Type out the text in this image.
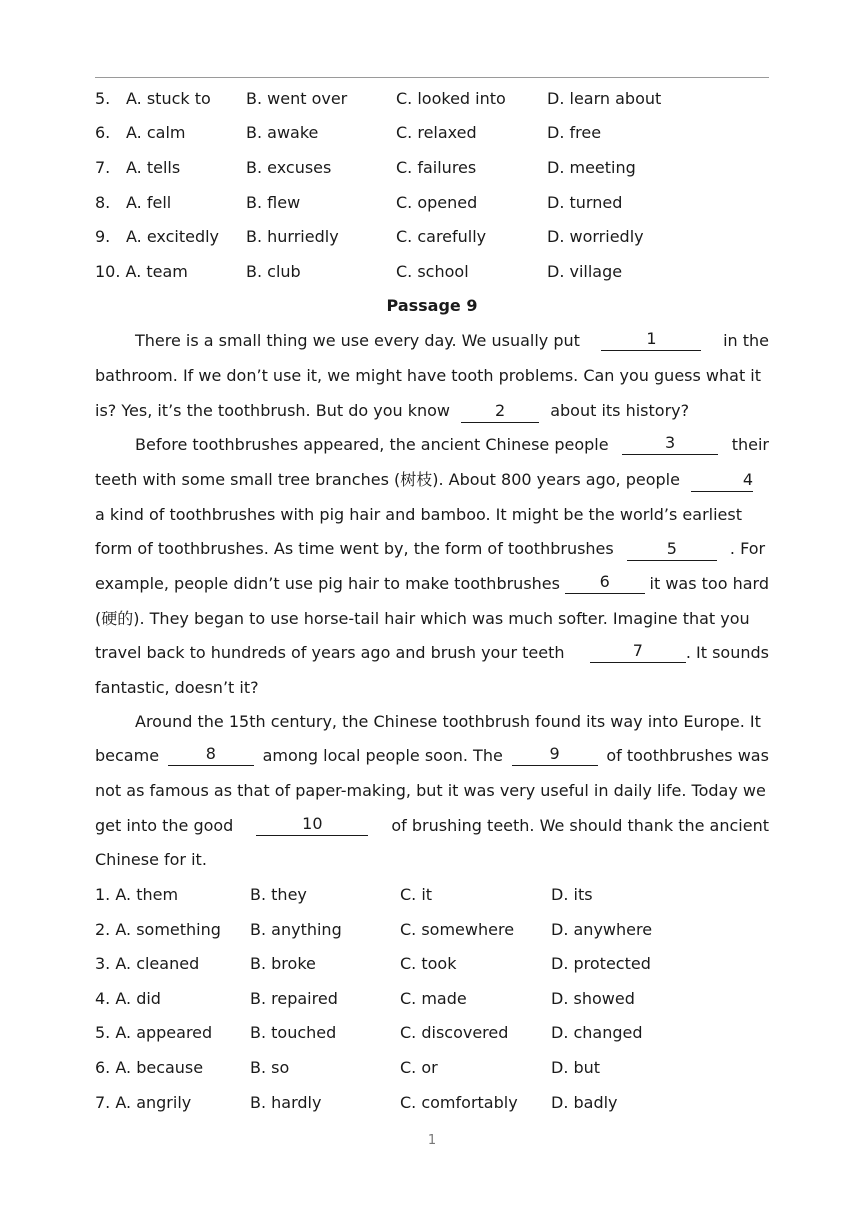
5. A. stuck to B. went over	C. looked into	D. learn about
6. A. calm	B. awake	C. relaxed	D. free
7. A. tells	B. excuses	C. failures	D. meeting
8. A. fell	B. flew	C. opened	D. turned
9. A. excitedly B. hurriedly	C. carefully	D. worriedly
10. A. team	B. club	C. school	D. village
Passage 9
There is a small thing we use every day. We usually put	1	in the
bathroom. If we don’t use it, we might have tooth problems. Can you guess what it
is? Yes, it’s the toothbrush. But do you know	2	about its history?
Before toothbrushes appeared, the ancient Chinese people	3	their
teeth with some small tree branches (树枝). About 800 years ago, people	4
a kind of toothbrushes with pig hair and bamboo. It might be the world’s earliest
form of toothbrushes. As time went by, the form of toothbrushes	5	. For
example, people didn’t use pig hair to make toothbrushes	6	it was too hard
(硬的). They began to use horse-tail hair which was much softer. Imagine that you
travel back to hundreds of years ago and brush your teeth	7	. It sounds
fantastic, doesn’t it?
Around the 15th century, the Chinese toothbrush found its way into Europe. It
became	8	among local people soon. The	9	of toothbrushes was
not as famous as that of paper-making, but it was very useful in daily life. Today we
get into the good	10	of brushing teeth. We should thank the ancient
Chinese for it.
1. A. them	B. they	C. it	D. its
2. A. something B. anything	C. somewhere D. anywhere
3. A. cleaned	B. broke	C. took	D. protected
4. A. did	B. repaired	C. made	D. showed
5. A. appeared B. touched	C. discovered	D. changed
6. A. because	B. so	C. or	D. but
7. A. angrily	B. hardly	C. comfortably D. badly
1
